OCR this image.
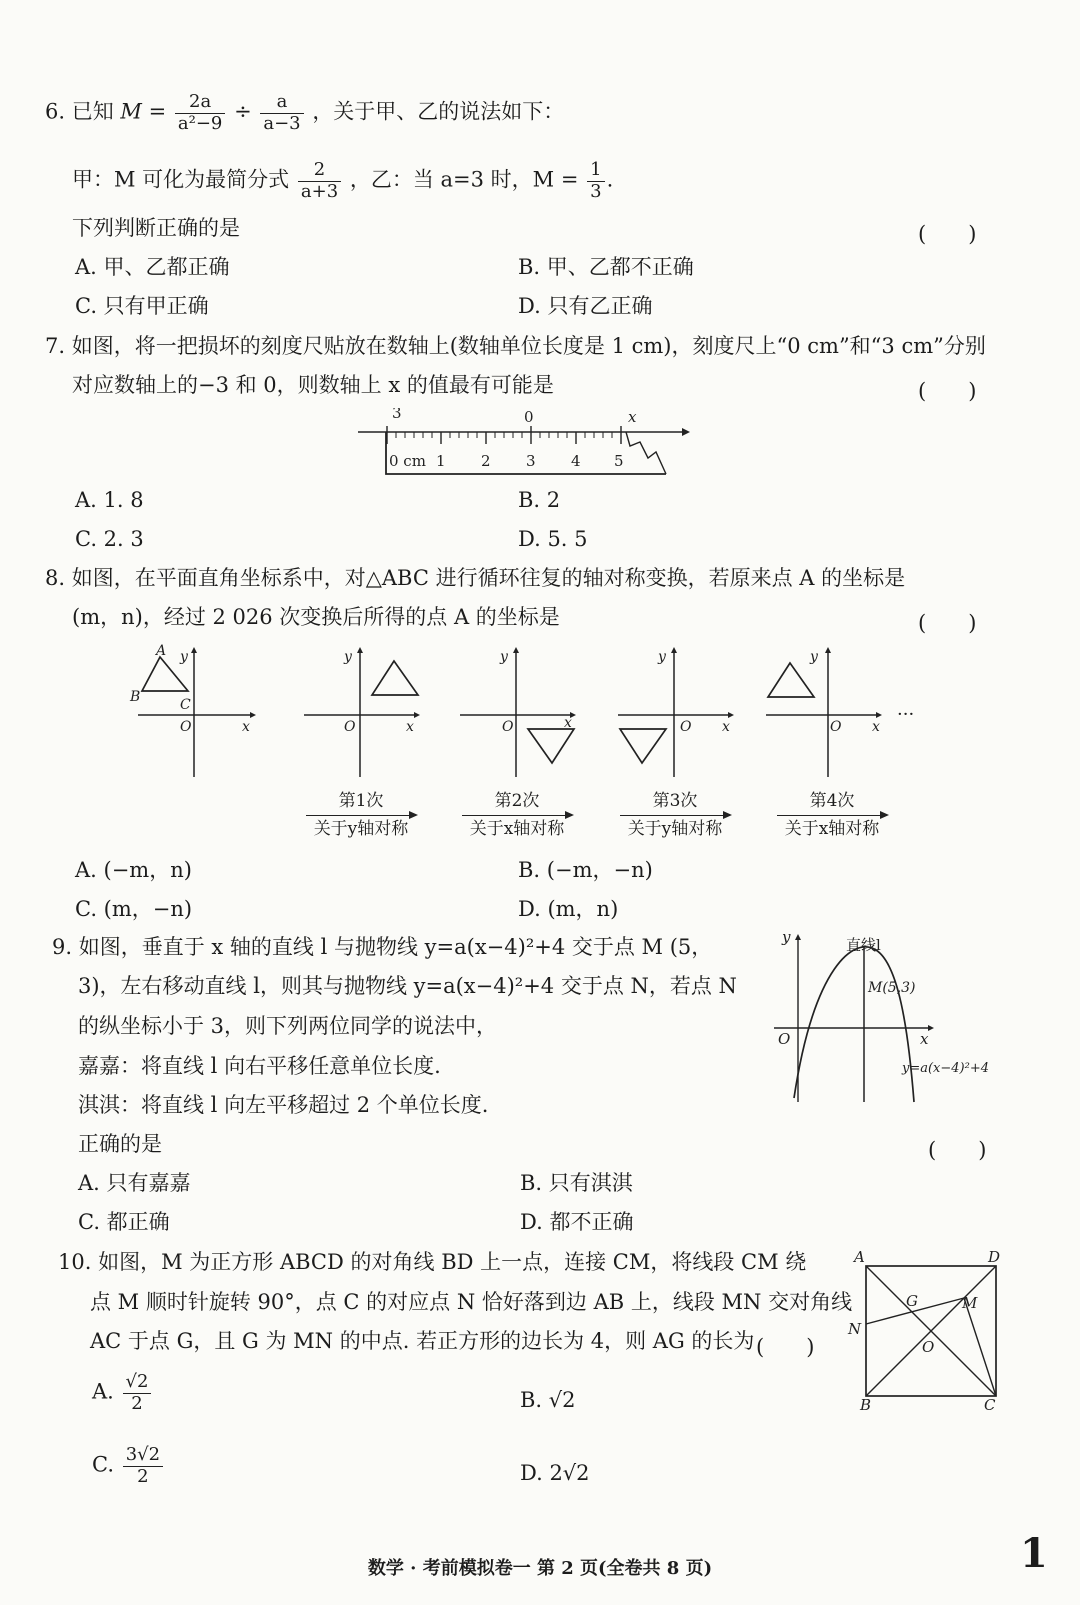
6. 已知 $M = \frac{2a}{\text{a²−9}} \div \frac{a}{a-3}$ ，关于甲、乙的说法如下：
甲：M 可化为最简分式 $\frac{2}{a+3}$ ，乙：当 a=3 时，$M = \frac{1}{3}$ .
下列判断正确的是	(　　)
A. 甲、乙都正确	B. 甲、乙都不正确
C. 只有甲正确	D. 只有乙正确
7. 如图，将一把损坏的刻度尺贴放在数轴上(数轴单位长度是 1 cm)，刻度尺上“0 cm”和“3 cm”分别
对应数轴上的−3 和 0，则数轴上 x 的值最有可能是	(　　)
3	0	x
0 cm 1 2 3 4 5
A. 1. 8	B. 2
C. 2. 3	D. 5. 5
8. 如图，在平面直角坐标系中，对△ABC 进行循环往复的轴对称变换，若原来点 A 的坐标是
(m，n)，经过 2 026 次变换后所得的点 A 的坐标是	(　　)
A
B	C
O	x
y
O	x
y
O	x
y
O x
y
O x
y
···
第1次
关于y轴对称
第2次
关于x轴对称
第3次
关于y轴对称
第4次
关于x轴对称
A. (−m，n)	B. (−m，−n)
C. (m，−n)	D. (m，n)
9. 如图，垂直于 x 轴的直线 l 与抛物线 y=a(x−4)²+4 交于点 M (5，
3)，左右移动直线 l，则其与抛物线 y=a(x−4)²+4 交于点 N，若点 N
的纵坐标小于 3，则下列两位同学的说法中，
嘉嘉：将直线 l 向右平移任意单位长度.
淇淇：将直线 l 向左平移超过 2 个单位长度.
正确的是	(　　)
直线l
M(5,3)
O	x
y
y=a(x−4)²+4
A. 只有嘉嘉	B. 只有淇淇
C. 都正确	D. 都不正确
10. 如图，M 为正方形 ABCD 的对角线 BD 上一点，连接 CM，将线段 CM 绕
点 M 顺时针旋转 90°，点 C 的对应点 N 恰好落到边 AB 上，线段 MN 交对角线
AC 于点 G，且 G 为 MN 的中点. 若正方形的边长为 4，则 AG 的长为 (　　)
A	D
G	M
N
O
B	C
A. $\frac{√2}{2}$	B. √2
C. $\frac{3√2}{2}$	D. 2√2
数学 · 考前模拟卷一 第 2 页(全卷共 8 页)	1
